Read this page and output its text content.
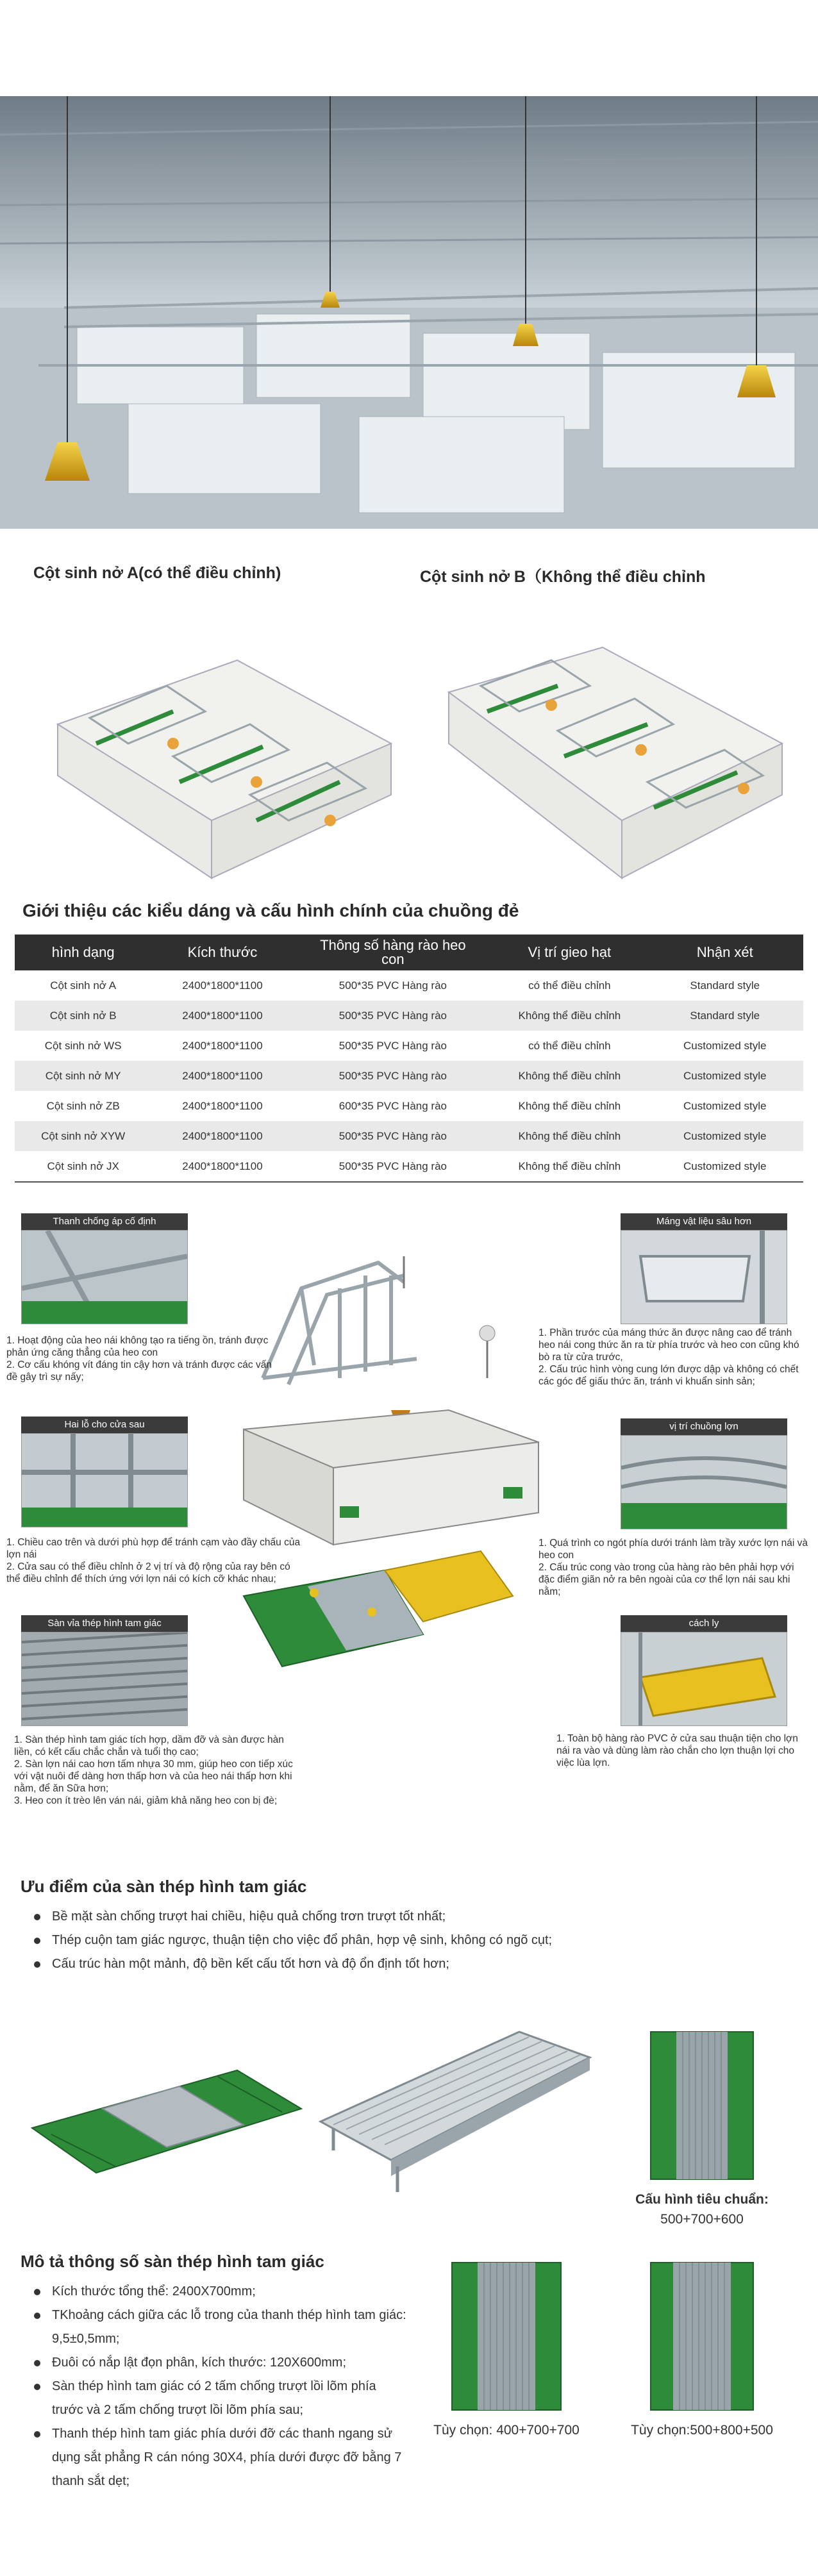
Cột sinh nở A(có thể điều chỉnh)	Cột sinh nở B（Không thể điều chỉnh
Giới thiệu các kiểu dáng và cấu hình chính của chuồng đẻ
hình dạng	Kích thước	Thông số hàng rào heo con	Vị trí gieo hạt	Nhận xét
Cột sinh nở A	2400*1800*1100	500*35 PVC Hàng rào	có thể điều chỉnh	Standard style
Cột sinh nở B	2400*1800*1100	500*35 PVC Hàng rào	Không thể điều chỉnh	Standard style
Cột sinh nở WS	2400*1800*1100	500*35 PVC Hàng rào	có thể điều chỉnh	Customized style
Cột sinh nở MY	2400*1800*1100	500*35 PVC Hàng rào	Không thể điều chỉnh	Customized style
Cột sinh nở ZB	2400*1800*1100	600*35 PVC Hàng rào	Không thể điều chỉnh	Customized style
Cột sinh nở XYW	2400*1800*1100	500*35 PVC Hàng rào	Không thể điều chỉnh	Customized style
Cột sinh nở JX	2400*1800*1100	500*35 PVC Hàng rào	Không thể điều chỉnh	Customized style
Thanh chống áp cố định
1. Hoạt động của heo nái không tạo ra tiếng ồn, tránh được phản ứng căng thẳng của heo con
2. Cơ cấu khóng vít đáng tin cậy hơn và tránh được các vấn đề gây trì sự nấy;
Hai lỗ cho cửa sau
1. Chiều cao trên và dưới phù hợp để tránh cạm vào đầy chấu của lợn nái
2. Cửa sau có thể điều chỉnh ở 2 vị trí và độ rộng của ray bên có thể điều chỉnh để thích ứng với lợn nái có kích cỡ khác nhau;
Sàn vỉa thép hình tam giác
1. Sàn thép hình tam giác tích hợp, dầm đỡ và sàn được hàn liền, có kết cấu chắc chắn và tuổi thọ cao;
2. Sàn lợn nái cao hơn tấm nhựa 30 mm, giúp heo con tiếp xúc với vật nuôi để dàng hơn thấp hơn và của heo nái thấp hơn khi nằm, để ăn Sữa hơn;
3. Heo con ít trèo lên ván nái, giảm khả năng heo con bị đè;
Máng vật liệu sâu hơn
1. Phần trước của máng thức ăn được nâng cao để tránh heo nái cong thức ăn ra từ phía trước và heo con cũng khó bò ra từ cửa trước,
2. Cấu trúc hình vòng cung lớn được dập và không có chết các góc để giấu thức ăn, tránh vi khuẩn sinh sản;
vị trí chuồng lợn
1. Quá trình co ngót phía dưới tránh làm trầy xước lợn nái và heo con
2. Cấu trúc cong vào trong của hàng rào bên phải hợp với đặc điểm giãn nở ra bên ngoài của cơ thể lợn nái sau khi nằm;
cách ly
1. Toàn bộ hàng rào PVC ở cửa sau thuận tiện cho lợn nái ra vào và dùng làm rào chắn cho lợn thuận lợi cho việc lùa lợn.
Ưu điểm của sàn thép hình tam giác
Bề mặt sàn chống trượt hai chiều, hiệu quả chống trơn trượt tốt nhất;
Thép cuộn tam giác ngược, thuận tiện cho việc đổ phân, hợp vệ sinh, không có ngõ cụt;
Cấu trúc hàn một mảnh, độ bền kết cấu tốt hơn và độ ổn định tốt hơn;
Cấu hình tiêu chuẩn:
500+700+600
Mô tả thông số sàn thép hình tam giác
Kích thước tổng thể: 2400X700mm;
TKhoảng cách giữa các lỗ trong của thanh thép hình tam giác: 9,5±0,5mm;
Đuôi có nắp lật đọn phân, kích thước: 120X600mm;
Sàn thép hình tam giác có 2 tấm chống trượt lồi lõm phía trước và 2 tấm chống trượt lồi lõm phía sau;
Thanh thép hình tam giác phía dưới đỡ các thanh ngang sử dụng sắt phẳng R cán nóng 30X4, phía dưới được đỡ bằng 7 thanh sắt dẹt;
Tùy chọn: 400+700+700	Tùy chọn:500+800+500
